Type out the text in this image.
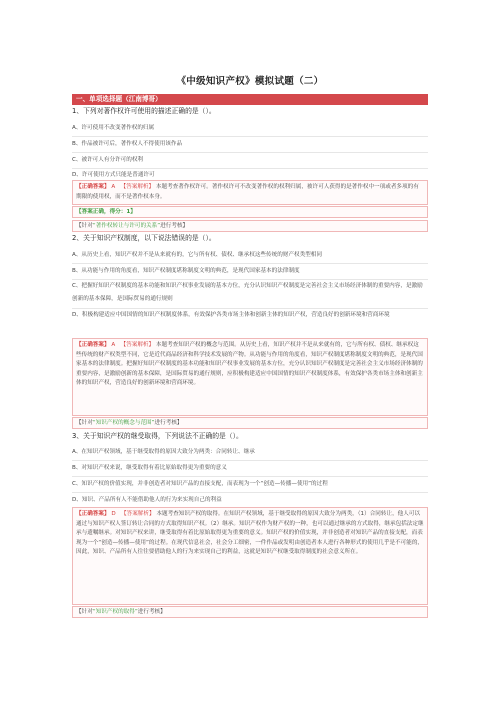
《中级知识产权》模拟试题（二）
一、单项选择题（江南博哥）
1、下列对著作权许可使用的描述正确的是（）。
A、许可使用不改变著作权的归属
B、作品被许可后，著作权人不得使用该作品
C、被许可人有分许可的权利
D、许可使用方式只能是普通许可
【正确答案】 A 【答案解析】 本题考查著作权许可。著作权许可不改变著作权的权利归属，被许可人获得的是著作权中一项或者多项的有期限的使用权，而不是著作权本身。
【答案正确，得分：1】
【针对“著作权转让与许可的关系”进行考核】
2、关于知识产权制度，以下说法错误的是（）。
A、从历史上看，知识产权并不是从来就有的，它与所有权、债权、继承权这些传统的财产权类型相同
B、从功能与作用的角度看，知识产权制度堪称制度文明的典范，是现代国家基本的法律制度
C、把握好知识产权制度的基本功能和知识产权事业发展的基本方位，充分认识知识产权制度是完善社会主义市场经济体制的重要内容，是激励创新的基本保障，是国际贸易的通行规则
D、积极构建适应中国国情的知识产权制度体系，有效保护各类市场主体和创新主体的知识产权，营造良好的创新环境和营商环境
【正确答案】 A 【答案解析】 本题考查知识产权的概念与范围。从历史上看，知识产权并不是从来就有的，它与所有权、债权、继承权这些传统的财产权类型不同，它是近代商品经济和科学技术发展的产物。从功能与作用的角度看，知识产权制度堪称制度文明的典范，是现代国家基本的法律制度。把握好知识产权制度的基本功能和知识产权事业发展的基本方位，充分认识知识产权制度是完善社会主义市场经济体制的重要内容，是激励创新的基本保障，是国际贸易的通行规则，应积极构建适应中国国情的知识产权制度体系，有效保护各类市场主体和创新主体的知识产权，营造良好的创新环境和营商环境。
【针对“知识产权的概念与范围”进行考核】
3、关于知识产权的继受取得，下列说法不正确的是（）。
A、在知识产权领域，基于继受取得的原因大致分为两类：合同转让、继承
B、对知识产权来说，继受取得有着比原始取得更为重要的意义
C、知识产权的价值实现，并非创造者对知识产品的直接支配，而表现为一个“创造—传播—使用”的过程
D、知识、产品所有人不能借助他人的行为来实现自己的利益
【正确答案】 D 【答案解析】 本题考查知识产权的取得。在知识产权领域，基于继受取得的原因大致分为两类，（1）合同转让，他人可以通过与知识产权人签订转让合同的方式取得知识产权。（2）继承。知识产权作为财产权的一种，也可以通过继承的方式取得，继承包括法定继承与遗嘱继承。对知识产权来讲，继受取得有着比原始取得更为重要的意义。知识产权的价值实现，并非创造者对知识产品的直接支配，而表现为一个“创造—传播—使用”的过程。在现代信息社会，社会分工细密，一件作品或发明由创造者本人进行各种形式的使用几乎是不可能的，因此，知识、产品所有人往往要借助他人的行为来实现自己的利益，这就是知识产权继受取得制度的社会意义所在。
【针对“知识产权的取得”进行考核】
